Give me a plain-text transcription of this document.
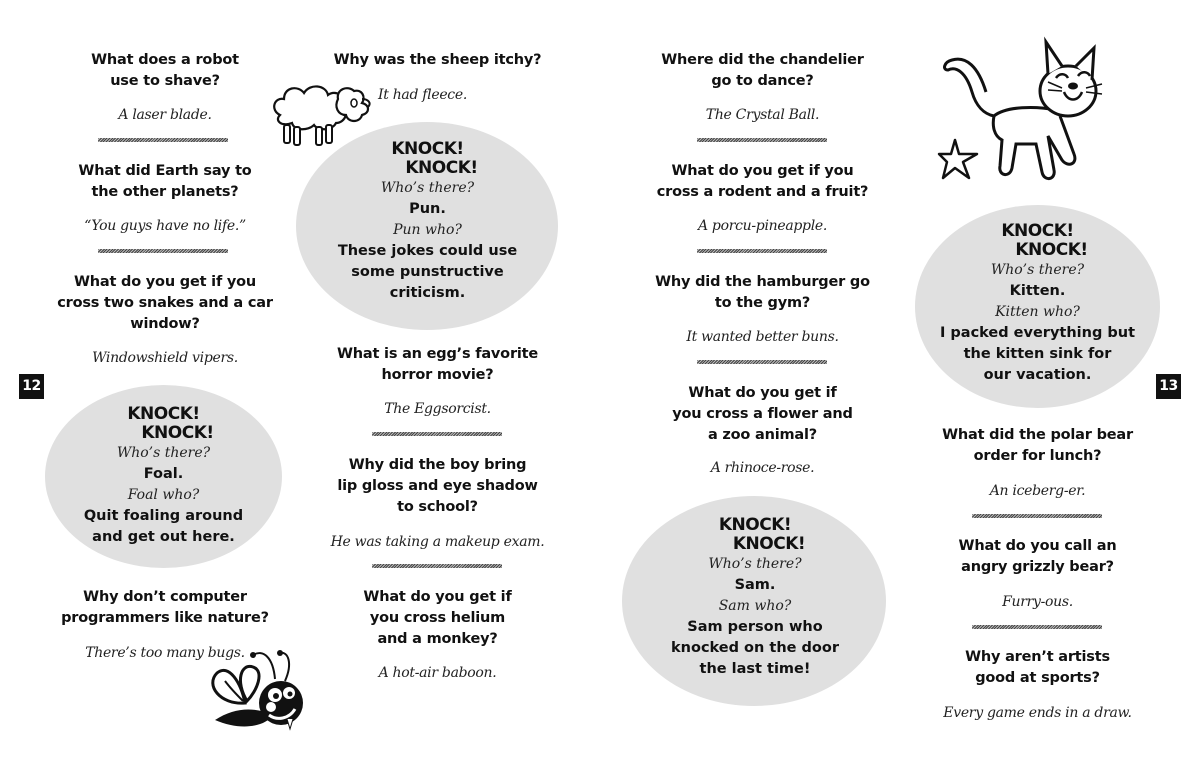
What does a robot
use to shave?
A laser blade.
What did Earth say to
the other planets?
“You guys have no life.”
What do you get if you
cross two snakes and a car
window?
Windowshield vipers.
12
KNOCK!
KNOCK!
Who’s there?
Foal.
Foal who?
Quit foaling around
and get out here.
Why don’t computer
programmers like nature?
There’s too many bugs.
Why was the sheep itchy?
It had fleece.
KNOCK!
KNOCK!
Who’s there?
Pun.
Pun who?
These jokes could use
some punstructive
criticism.
What is an egg’s favorite
horror movie?
The Eggsorcist.
Why did the boy bring
lip gloss and eye shadow
to school?
He was taking a makeup exam.
What do you get if
you cross helium
and a monkey?
A hot-air baboon.
Where did the chandelier
go to dance?
The Crystal Ball.
What do you get if you
cross a rodent and a fruit?
A porcu-pineapple.
Why did the hamburger go
to the gym?
It wanted better buns.
What do you get if
you cross a flower and
a zoo animal?
A rhinoce-rose.
KNOCK!
KNOCK!
Who’s there?
Sam.
Sam who?
Sam person who
knocked on the door
the last time!
KNOCK!
KNOCK!
Who’s there?
Kitten.
Kitten who?
I packed everything but
the kitten sink for
our vacation.
13
What did the polar bear
order for lunch?
An iceberg-er.
What do you call an
angry grizzly bear?
Furry-ous.
Why aren’t artists
good at sports?
Every game ends in a draw.
